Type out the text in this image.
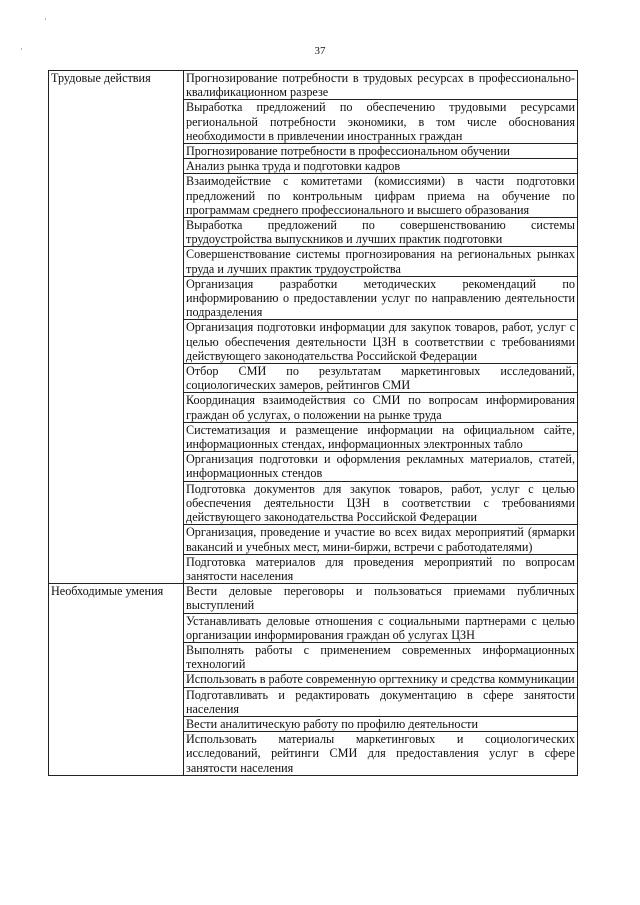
·
·	37
Трудовые действия	Прогнозирование потребности в трудовых ресурсах в профессионально-квалификационном разрезе
	Выработка предложений по обеспечению трудовыми ресурсами региональной потребности экономики, в том числе обоснования необходимости в привлечении иностранных граждан
	Прогнозирование потребности в профессиональном обучении
	Анализ рынка труда и подготовки кадров
	Взаимодействие с комитетами (комиссиями) в части подготовки предложений по контрольным цифрам приема на обучение по программам среднего профессионального и высшего образования
	Выработка предложений по совершенствованию системы трудоустройства выпускников и лучших практик подготовки
	Совершенствование системы прогнозирования на региональных рынках труда и лучших практик трудоустройства
	Организация разработки методических рекомендаций по информированию о предоставлении услуг по направлению деятельности подразделения
	Организация подготовки информации для закупок товаров, работ, услуг с целью обеспечения деятельности ЦЗН в соответствии с требованиями действующего законодательства Российской Федерации
	Отбор СМИ по результатам маркетинговых исследований, социологических замеров, рейтингов СМИ
	Координация взаимодействия со СМИ по вопросам информирования граждан об услугах, о положении на рынке труда
	Систематизация и размещение информации на официальном сайте, информационных стендах, информационных электронных табло
	Организация подготовки и оформления рекламных материалов, статей, информационных стендов
	Подготовка документов для закупок товаров, работ, услуг с целью обеспечения деятельности ЦЗН в соответствии с требованиями действующего законодательства Российской Федерации
	Организация, проведение и участие во всех видах мероприятий (ярмарки вакансий и учебных мест, мини-биржи, встречи с работодателями)
	Подготовка материалов для проведения мероприятий по вопросам занятости населения
Необходимые умения	Вести деловые переговоры и пользоваться приемами публичных выступлений
	Устанавливать деловые отношения с социальными партнерами с целью организации информирования граждан об услугах ЦЗН
	Выполнять работы с применением современных информационных технологий
	Использовать в работе современную оргтехнику и средства коммуникации
	Подготавливать и редактировать документацию в сфере занятости населения
	Вести аналитическую работу по профилю деятельности
	Использовать материалы маркетинговых и социологических исследований, рейтинги СМИ для предоставления услуг в сфере занятости населения
